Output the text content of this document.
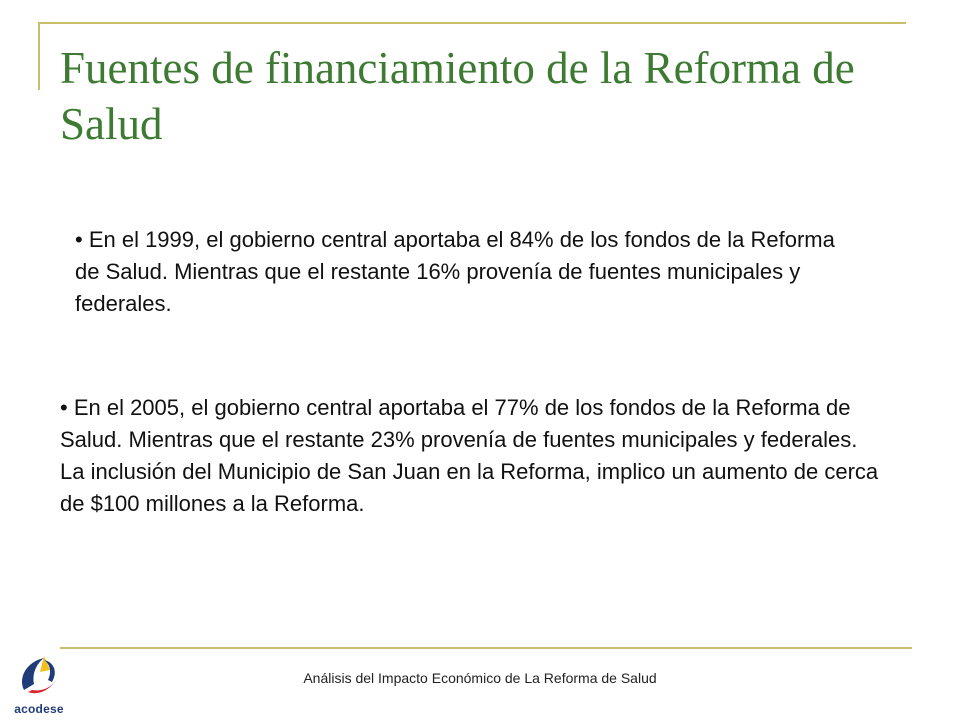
Fuentes de financiamiento de la Reforma de Salud
• En el 1999, el gobierno central aportaba el 84% de los fondos de la Reforma de Salud. Mientras que el restante 16% provenía de fuentes municipales y federales.
• En el 2005, el gobierno central aportaba el 77% de los fondos de la Reforma de Salud. Mientras que el restante 23% provenía de fuentes municipales y federales. La inclusión del Municipio de San Juan en la Reforma, implico un aumento de cerca de $100 millones a la Reforma.
Análisis del Impacto Económico de La Reforma de Salud
acodese
